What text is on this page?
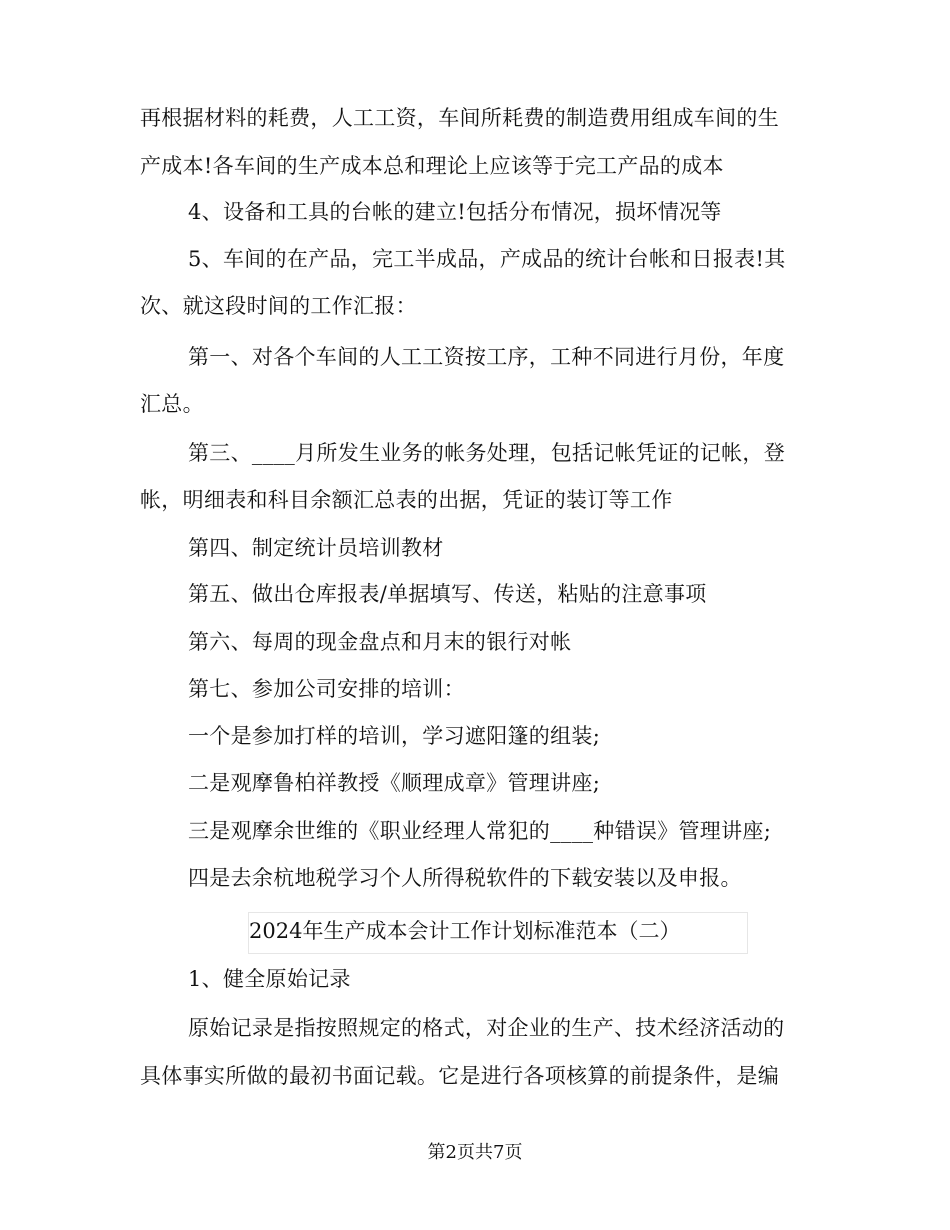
再根据材料的耗费，人工工资，车间所耗费的制造费用组成车间的生
产成本!各车间的生产成本总和理论上应该等于完工产品的成本
4、设备和工具的台帐的建立!包括分布情况，损坏情况等
5、车间的在产品，完工半成品，产成品的统计台帐和日报表!其
次、就这段时间的工作汇报：
第一、对各个车间的人工工资按工序，工种不同进行月份，年度
汇总。
第三、____月所发生业务的帐务处理，包括记帐凭证的记帐，登
帐，明细表和科目余额汇总表的出据，凭证的装订等工作
第四、制定统计员培训教材
第五、做出仓库报表/单据填写、传送，粘贴的注意事项
第六、每周的现金盘点和月末的银行对帐
第七、参加公司安排的培训：
一个是参加打样的培训，学习遮阳篷的组装;
二是观摩鲁柏祥教授《顺理成章》管理讲座;
三是观摩余世维的《职业经理人常犯的____种错误》管理讲座;
四是去余杭地税学习个人所得税软件的下载安装以及申报。
2024年生产成本会计工作计划标准范本（二）
1、健全原始记录
原始记录是指按照规定的格式，对企业的生产、技术经济活动的
具体事实所做的最初书面记载。它是进行各项核算的前提条件，是编
第2页共7页
